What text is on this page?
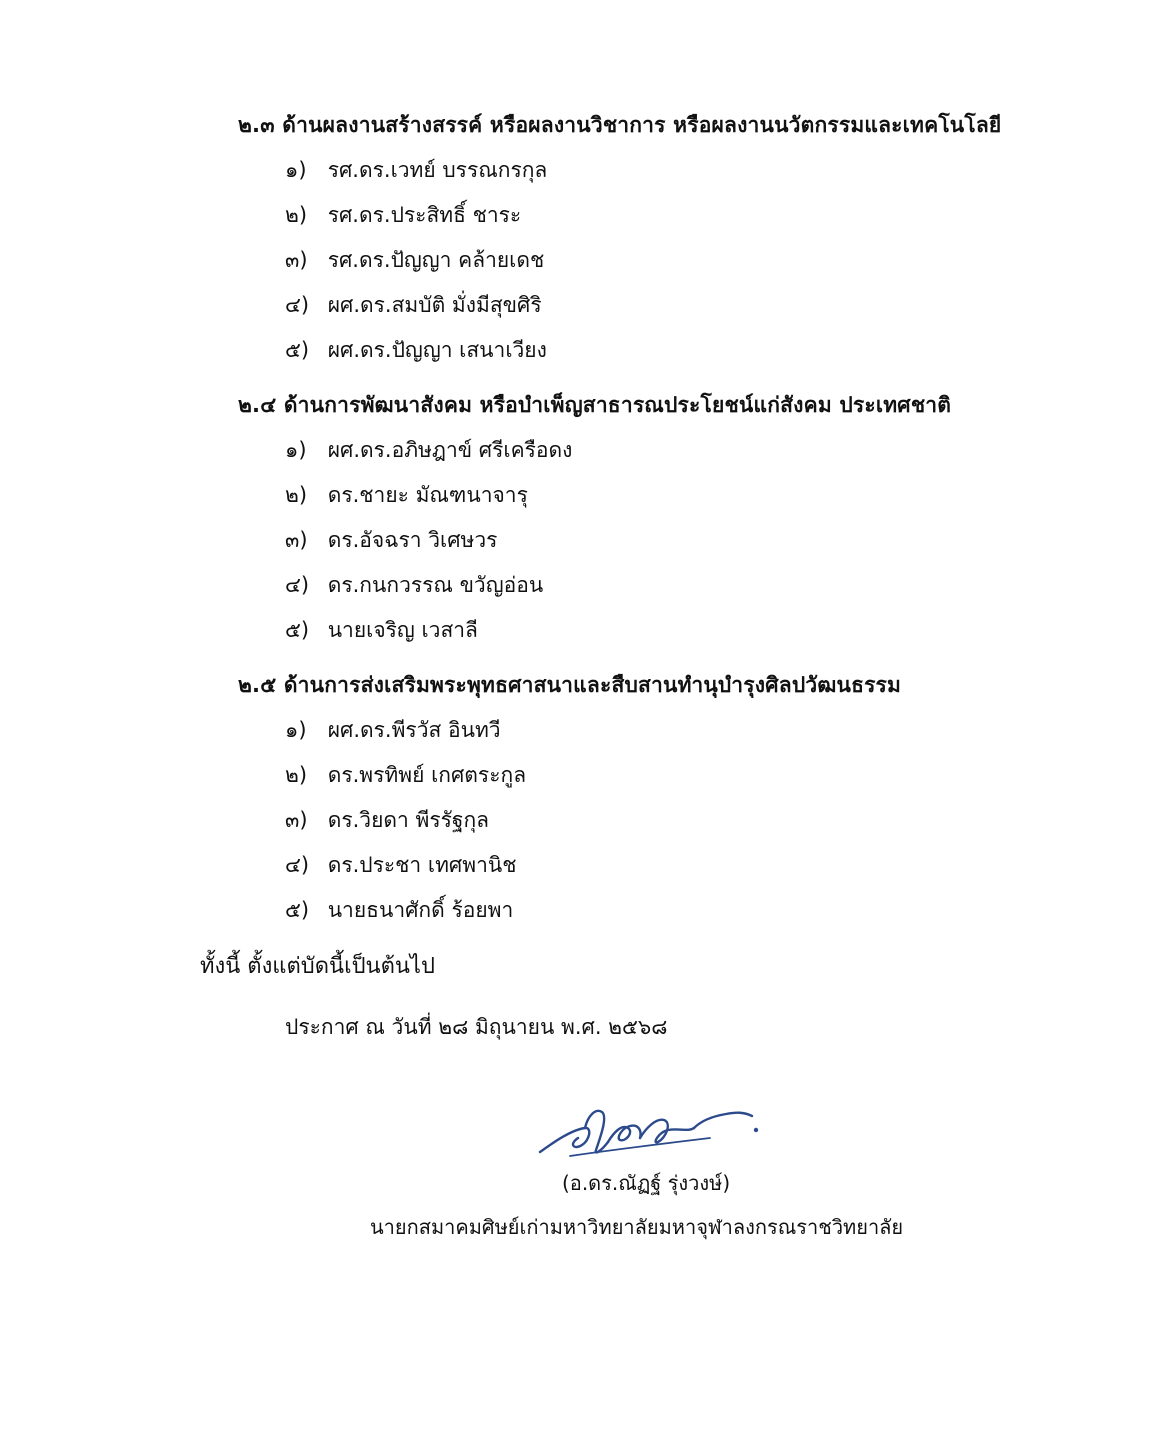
๒.๓ ด้านผลงานสร้างสรรค์ หรือผลงานวิชาการ หรือผลงานนวัตกรรมและเทคโนโลยี
๑) รศ.ดร.เวทย์ บรรณกรกุล
๒) รศ.ดร.ประสิทธิ์ ชาระ
๓) รศ.ดร.ปัญญา คล้ายเดช
๔) ผศ.ดร.สมบัติ มั่งมีสุขศิริ
๕) ผศ.ดร.ปัญญา เสนาเวียง
๒.๔ ด้านการพัฒนาสังคม หรือบำเพ็ญสาธารณประโยชน์แก่สังคม ประเทศชาติ
๑) ผศ.ดร.อภิษฎาข์ ศรีเครือดง
๒) ดร.ชายะ มัณฑนาจารุ
๓) ดร.อัจฉรา วิเศษวร
๔) ดร.กนกวรรณ ขวัญอ่อน
๕) นายเจริญ เวสาลี
๒.๕ ด้านการส่งเสริมพระพุทธศาสนาและสืบสานทำนุบำรุงศิลปวัฒนธรรม
๑) ผศ.ดร.พีรวัส อินทวี
๒) ดร.พรทิพย์ เกศตระกูล
๓) ดร.วิยดา พีรรัฐกุล
๔) ดร.ประชา เทศพานิช
๕) นายธนาศักดิ์ ร้อยพา
ทั้งนี้ ตั้งแต่บัดนี้เป็นต้นไป
ประกาศ ณ วันที่ ๒๘ มิถุนายน พ.ศ. ๒๕๖๘
(อ.ดร.ณัฏฐ์ รุ่งวงษ์)
นายกสมาคมศิษย์เก่ามหาวิทยาลัยมหาจุฬาลงกรณราชวิทยาลัย
